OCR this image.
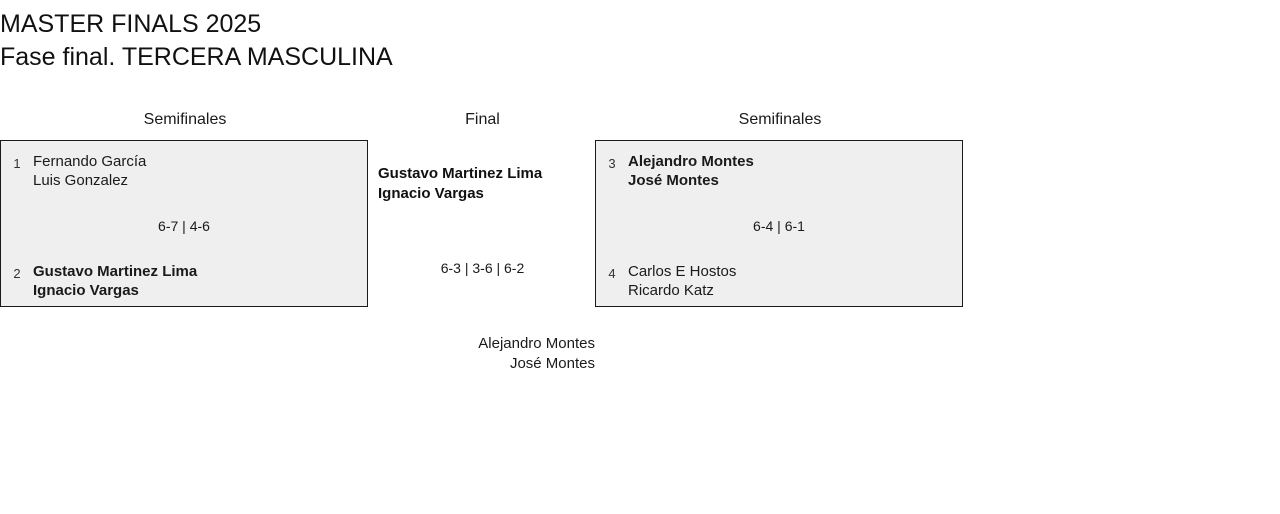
MASTER FINALS 2025
Fase final. TERCERA MASCULINA
Semifinales	Final	Semifinales
1 Fernando García
Luis Gonzalez
6-7 | 4-6
2 Gustavo Martinez Lima
Ignacio Vargas
3 Alejandro Montes
José Montes
6-4 | 6-1
4 Carlos E Hostos
Ricardo Katz
Gustavo Martinez Lima
Ignacio Vargas
6-3 | 3-6 | 6-2
Alejandro Montes
José Montes
